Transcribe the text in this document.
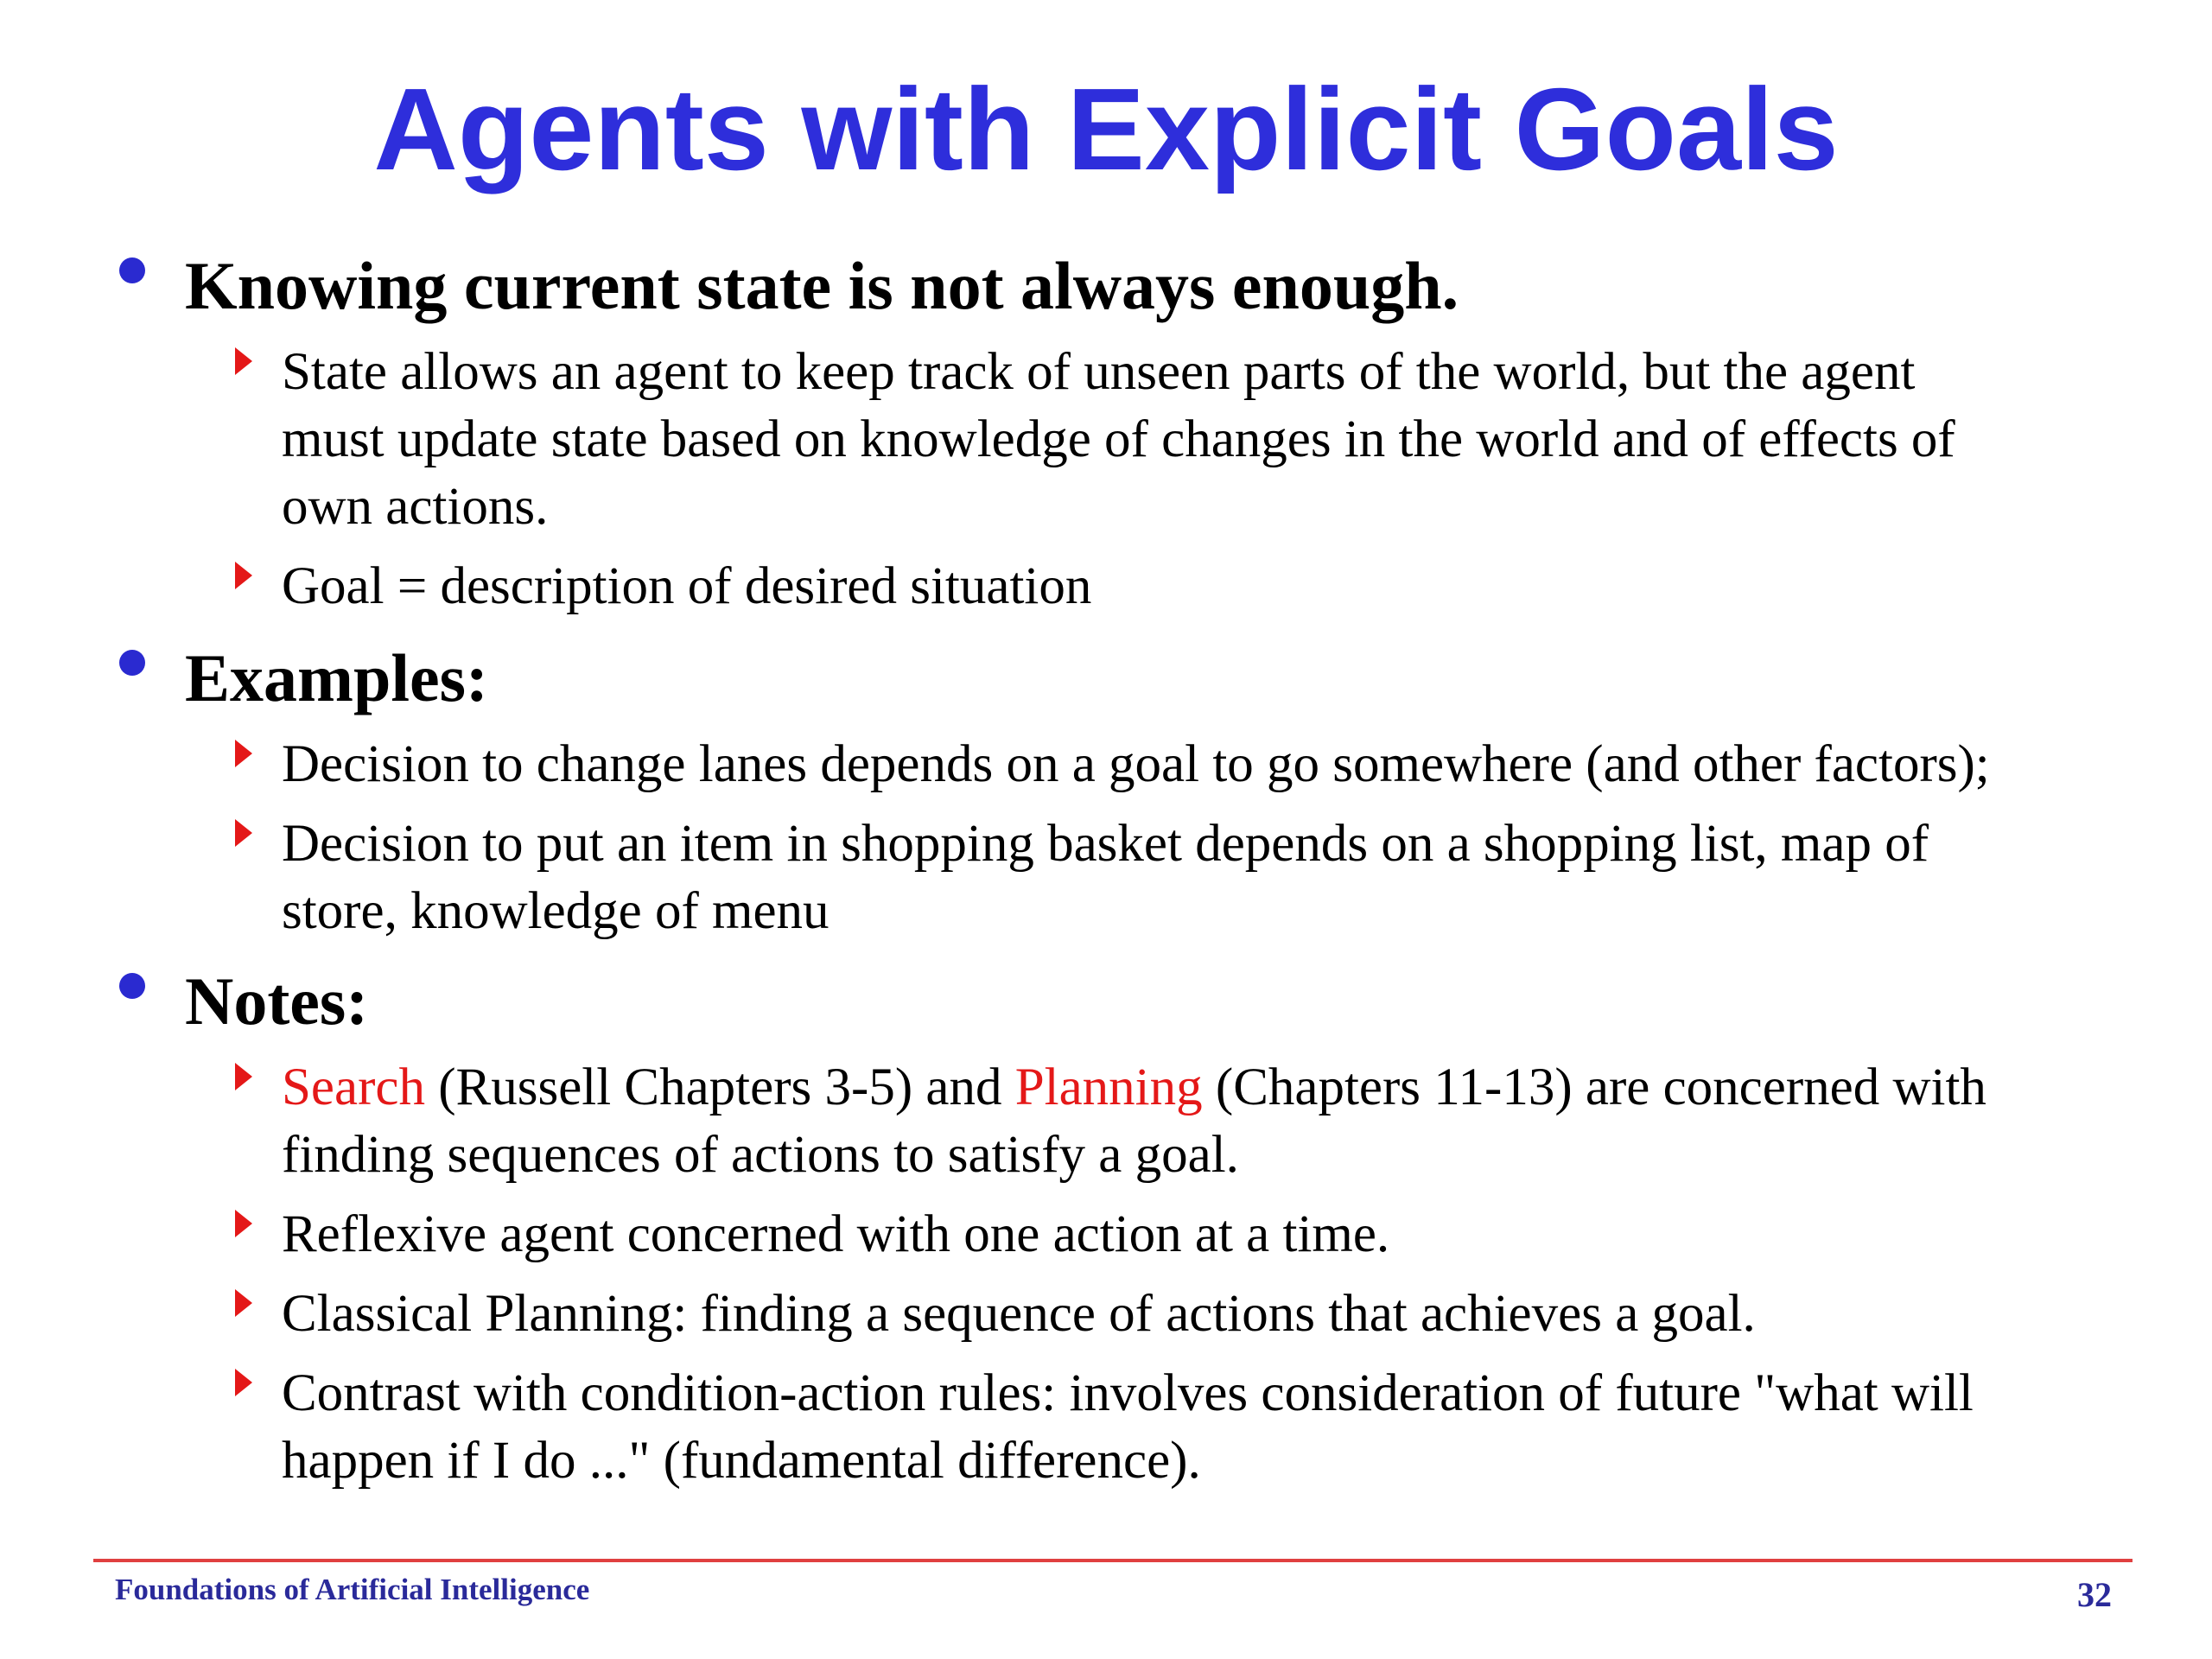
Agents with Explicit Goals
Knowing current state is not always enough.
State allows an agent to keep track of unseen parts of the world, but the agent
must update state based on knowledge of changes in the world and of effects of
own actions.
Goal = description of desired situation
Examples:
Decision to change lanes depends on a goal to go somewhere (and other factors);
Decision to put an item in shopping basket depends on a shopping list, map of
store, knowledge of menu
Notes:
Search (Russell Chapters 3-5) and Planning (Chapters 11-13) are concerned with
finding sequences of actions to satisfy a goal.
Reflexive agent concerned with one action at a time.
Classical Planning: finding a sequence of actions that achieves a goal.
Contrast with condition-action rules: involves consideration of future "what will
happen if I do ..." (fundamental difference).
Foundations of Artificial Intelligence	32
